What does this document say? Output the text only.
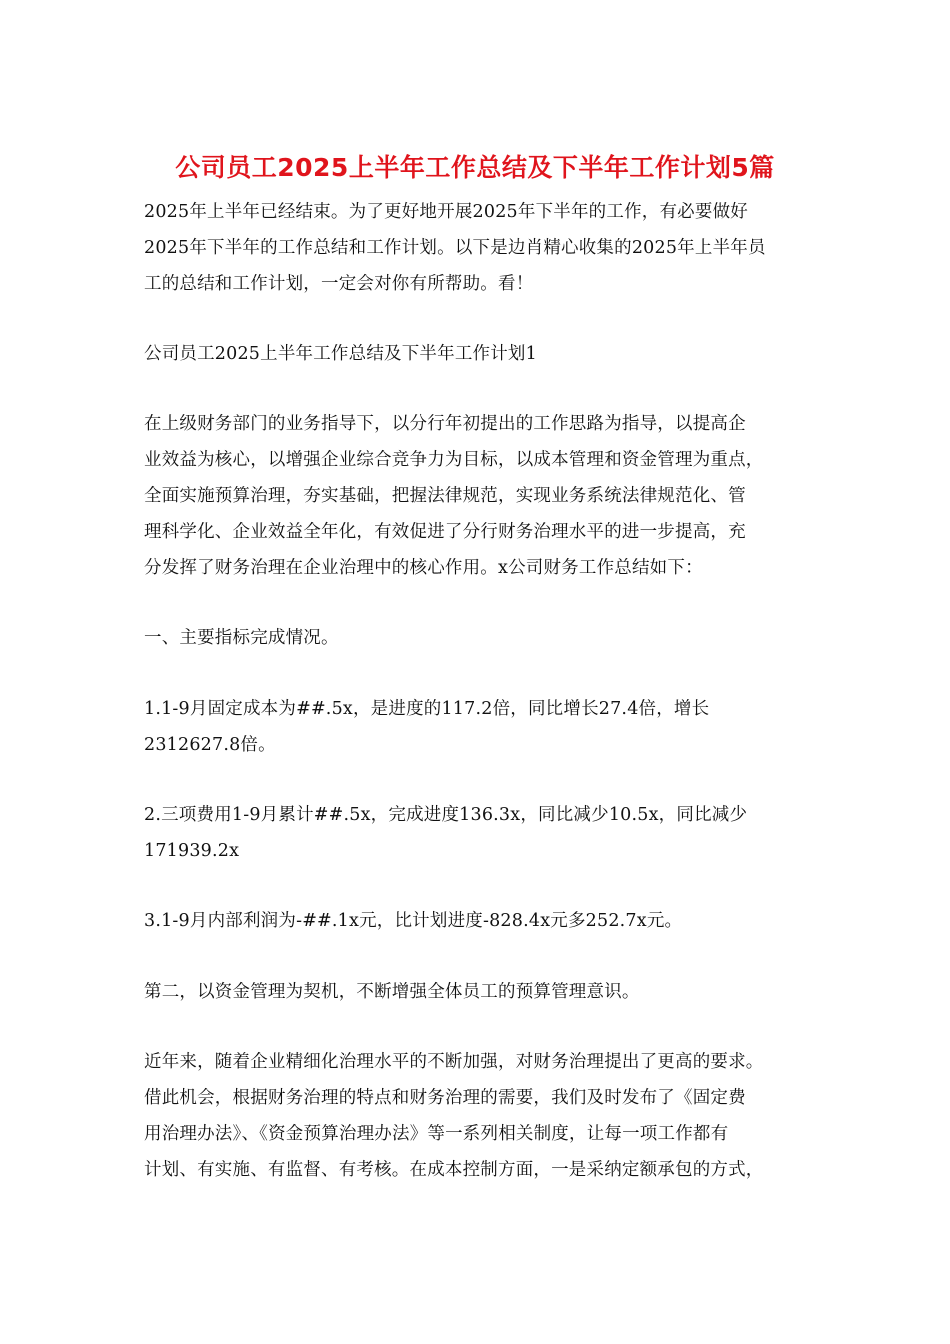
公司员工2025上半年工作总结及下半年工作计划5篇
2025年上半年已经结束。为了更好地开展2025年下半年的工作，有必要做好
2025年下半年的工作总结和工作计划。以下是边肖精心收集的2025年上半年员
工的总结和工作计划，一定会对你有所帮助。看！
公司员工2025上半年工作总结及下半年工作计划1
在上级财务部门的业务指导下，以分行年初提出的工作思路为指导，以提高企
业效益为核心，以增强企业综合竞争力为目标，以成本管理和资金管理为重点，
全面实施预算治理，夯实基础，把握法律规范，实现业务系统法律规范化、管
理科学化、企业效益全年化，有效促进了分行财务治理水平的进一步提高，充
分发挥了财务治理在企业治理中的核心作用。x公司财务工作总结如下：
一、主要指标完成情况。
1.1-9月固定成本为##.5x，是进度的117.2倍，同比增长27.4倍，增长
2312627.8倍。
2.三项费用1-9月累计##.5x，完成进度136.3x，同比减少10.5x，同比减少
171939.2x
3.1-9月内部利润为-##.1x元，比计划进度-828.4x元多252.7x元。
第二，以资金管理为契机，不断增强全体员工的预算管理意识。
近年来，随着企业精细化治理水平的不断加强，对财务治理提出了更高的要求。
借此机会，根据财务治理的特点和财务治理的需要，我们及时发布了《固定费
用治理办法》、《资金预算治理办法》等一系列相关制度，让每一项工作都有
计划、有实施、有监督、有考核。在成本控制方面，一是采纳定额承包的方式，
